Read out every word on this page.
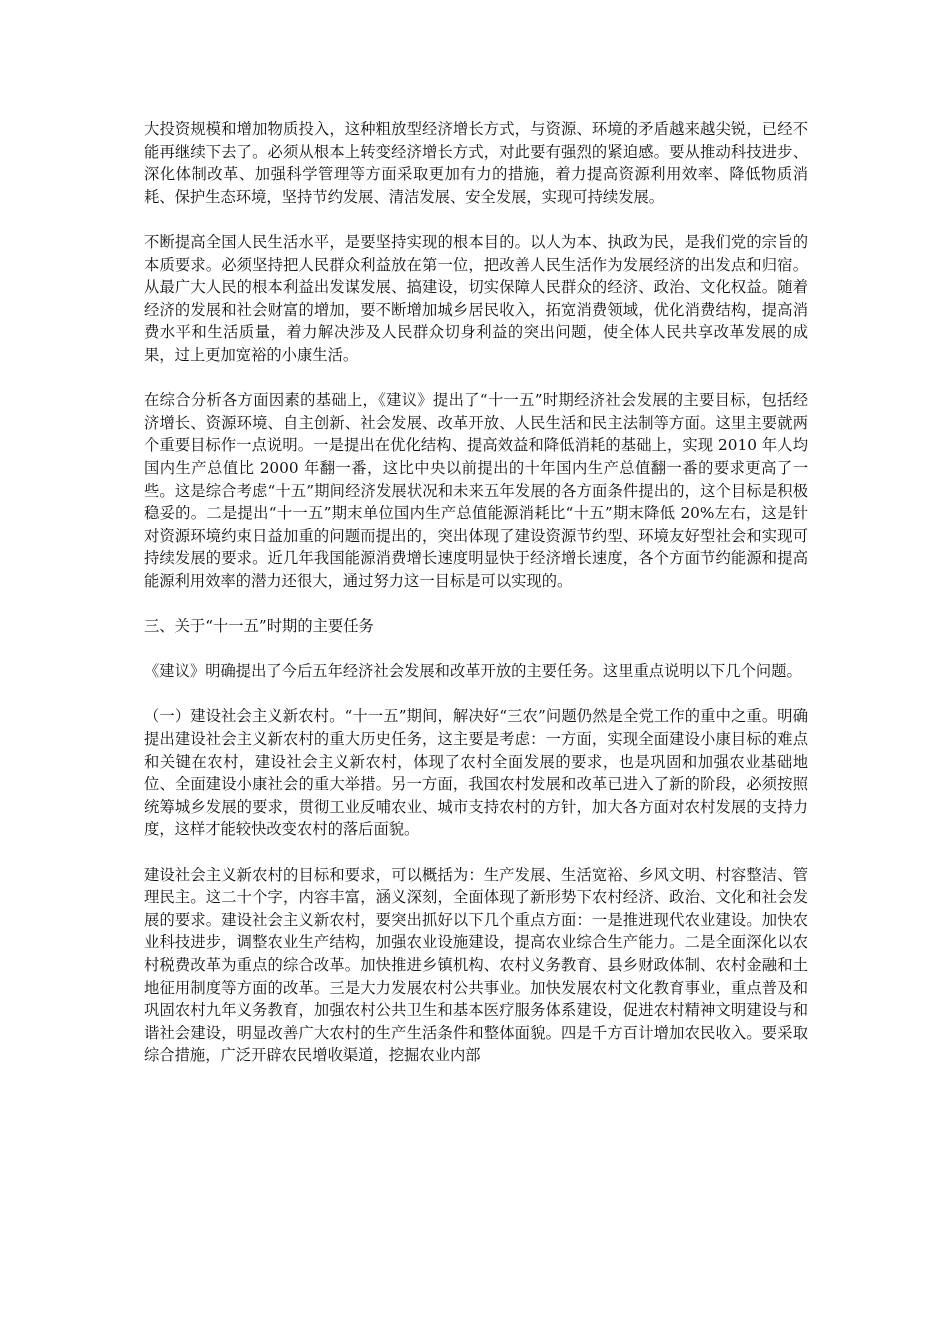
大投资规模和增加物质投入，这种粗放型经济增长方式，与资源、环境的矛盾越来越尖锐，已经不能再继续下去了。必须从根本上转变经济增长方式，对此要有强烈的紧迫感。要从推动科技进步、深化体制改革、加强科学管理等方面采取更加有力的措施，着力提高资源利用效率、降低物质消耗、保护生态环境，坚持节约发展、清洁发展、安全发展，实现可持续发展。

不断提高全国人民生活水平，是要坚持实现的根本目的。以人为本、执政为民，是我们党的宗旨的本质要求。必须坚持把人民群众利益放在第一位，把改善人民生活作为发展经济的出发点和归宿。从最广大人民的根本利益出发谋发展、搞建设，切实保障人民群众的经济、政治、文化权益。随着经济的发展和社会财富的增加，要不断增加城乡居民收入，拓宽消费领域，优化消费结构，提高消费水平和生活质量，着力解决涉及人民群众切身利益的突出问题，使全体人民共享改革发展的成果，过上更加宽裕的小康生活。

在综合分析各方面因素的基础上，《建议》提出了“十一五”时期经济社会发展的主要目标，包括经济增长、资源环境、自主创新、社会发展、改革开放、人民生活和民主法制等方面。这里主要就两个重要目标作一点说明。一是提出在优化结构、提高效益和降低消耗的基础上，实现 2010 年人均国内生产总值比 2000 年翻一番，这比中央以前提出的十年国内生产总值翻一番的要求更高了一些。这是综合考虑“十五”期间经济发展状况和未来五年发展的各方面条件提出的，这个目标是积极稳妥的。二是提出“十一五”期末单位国内生产总值能源消耗比“十五”期末降低 20%左右，这是针对资源环境约束日益加重的问题而提出的，突出体现了建设资源节约型、环境友好型社会和实现可持续发展的要求。近几年我国能源消费增长速度明显快于经济增长速度，各个方面节约能源和提高能源利用效率的潜力还很大，通过努力这一目标是可以实现的。

三、关于“十一五”时期的主要任务

《建议》明确提出了今后五年经济社会发展和改革开放的主要任务。这里重点说明以下几个问题。

（一）建设社会主义新农村。“十一五”期间，解决好“三农”问题仍然是全党工作的重中之重。明确提出建设社会主义新农村的重大历史任务，这主要是考虑：一方面，实现全面建设小康目标的难点和关键在农村，建设社会主义新农村，体现了农村全面发展的要求，也是巩固和加强农业基础地位、全面建设小康社会的重大举措。另一方面，我国农村发展和改革已进入了新的阶段，必须按照统筹城乡发展的要求，贯彻工业反哺农业、城市支持农村的方针，加大各方面对农村发展的支持力度，这样才能较快改变农村的落后面貌。

建设社会主义新农村的目标和要求，可以概括为：生产发展、生活宽裕、乡风文明、村容整洁、管理民主。这二十个字，内容丰富，涵义深刻，全面体现了新形势下农村经济、政治、文化和社会发展的要求。建设社会主义新农村，要突出抓好以下几个重点方面：一是推进现代农业建设。加快农业科技进步，调整农业生产结构，加强农业设施建设，提高农业综合生产能力。二是全面深化以农村税费改革为重点的综合改革。加快推进乡镇机构、农村义务教育、县乡财政体制、农村金融和土地征用制度等方面的改革。三是大力发展农村公共事业。加快发展农村文化教育事业，重点普及和巩固农村九年义务教育，加强农村公共卫生和基本医疗服务体系建设，促进农村精神文明建设与和谐社会建设，明显改善广大农村的生产生活条件和整体面貌。四是千方百计增加农民收入。要采取综合措施，广泛开辟农民增收渠道，挖掘农业内部
